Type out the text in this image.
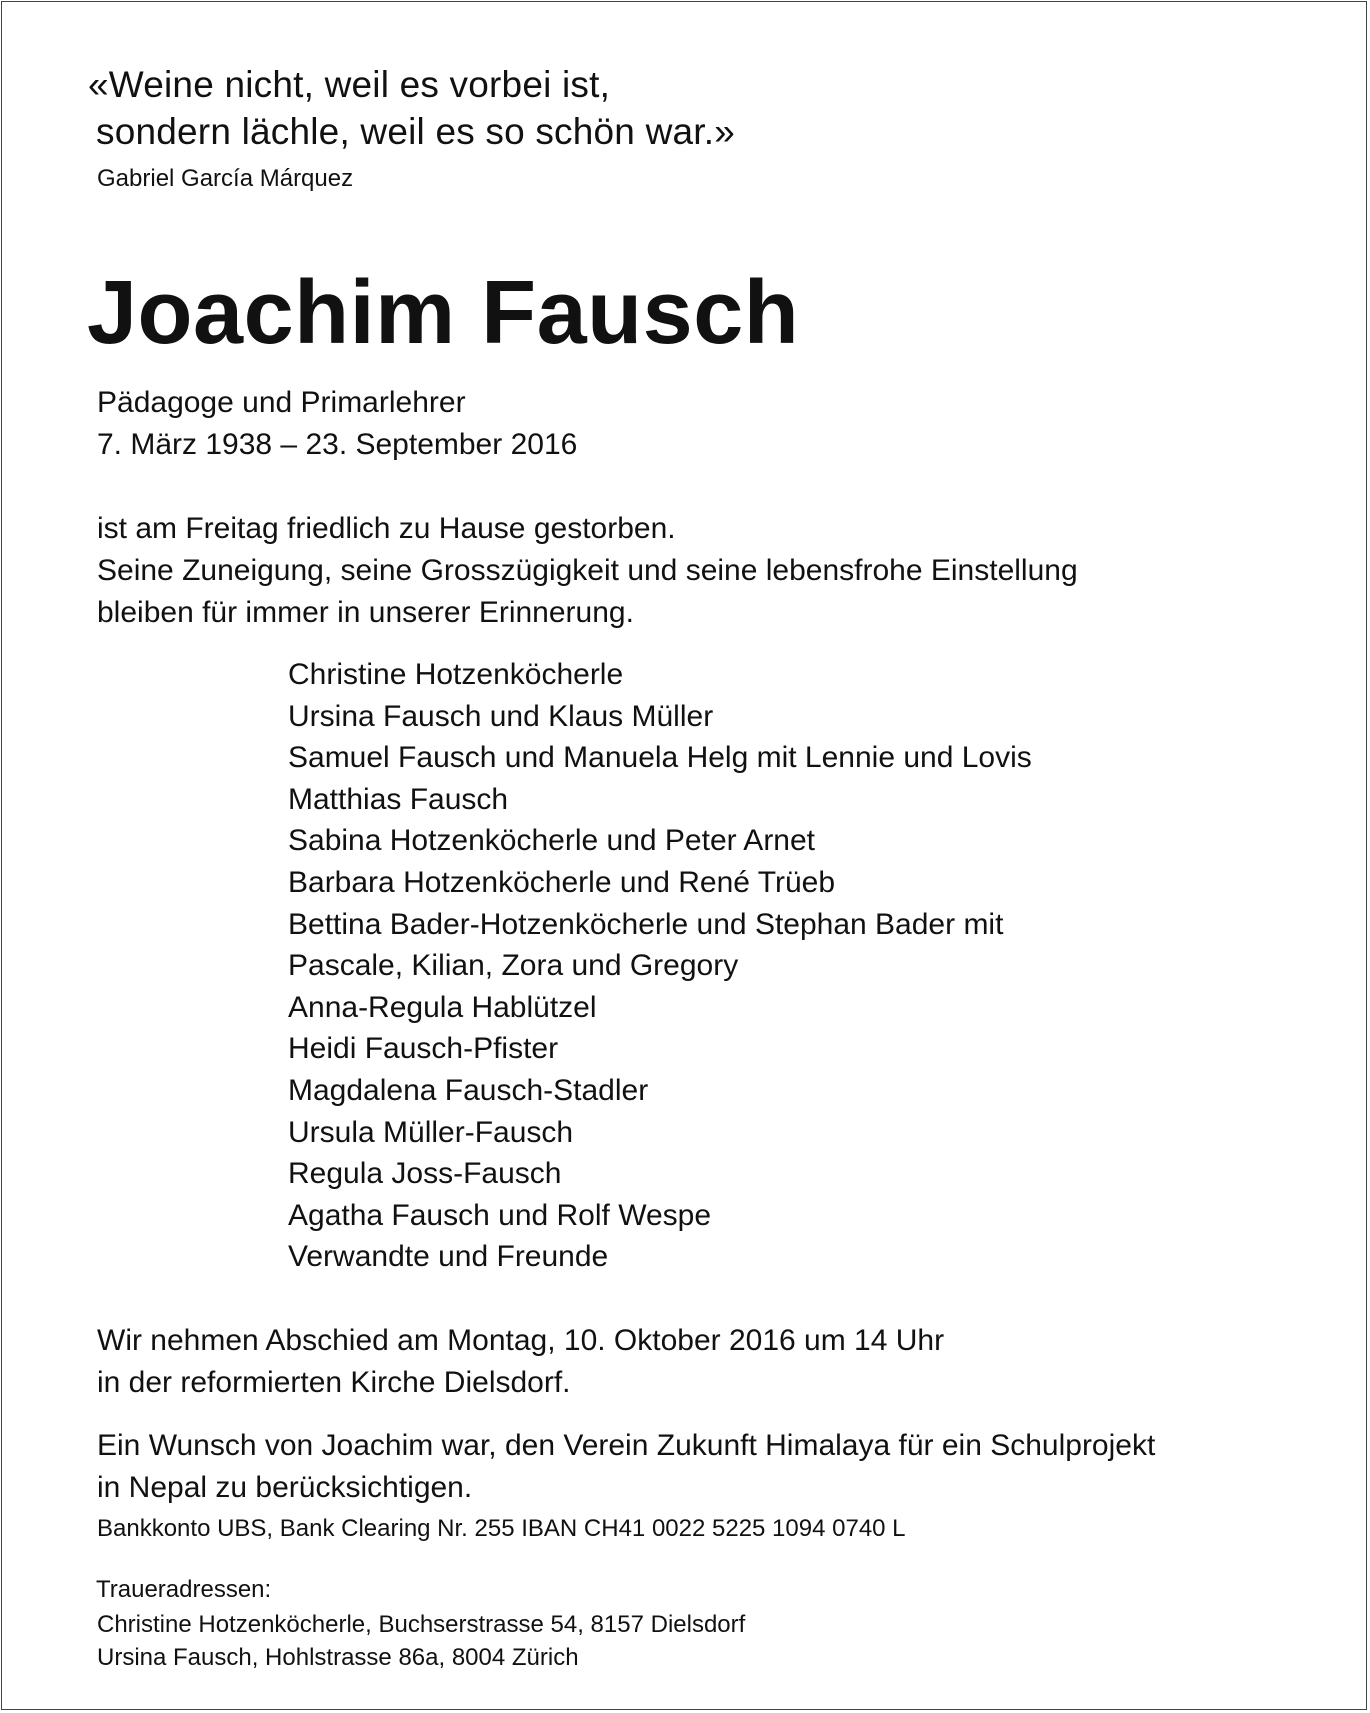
«Weine nicht, weil es vorbei ist,
sondern lächle, weil es so schön war.»
Gabriel García Márquez
Joachim Fausch
Pädagoge und Primarlehrer
7. März 1938 – 23. September 2016
ist am Freitag friedlich zu Hause gestorben.
Seine Zuneigung, seine Grosszügigkeit und seine lebensfrohe Einstellung
bleiben für immer in unserer Erinnerung.
Christine Hotzenköcherle
Ursina Fausch und Klaus Müller
Samuel Fausch und Manuela Helg mit Lennie und Lovis
Matthias Fausch
Sabina Hotzenköcherle und Peter Arnet
Barbara Hotzenköcherle und René Trüeb
Bettina Bader-Hotzenköcherle und Stephan Bader mit
Pascale, Kilian, Zora und Gregory
Anna-Regula Hablützel
Heidi Fausch-Pfister
Magdalena Fausch-Stadler
Ursula Müller-Fausch
Regula Joss-Fausch
Agatha Fausch und Rolf Wespe
Verwandte und Freunde
Wir nehmen Abschied am Montag, 10. Oktober 2016 um 14 Uhr
in der reformierten Kirche Dielsdorf.
Ein Wunsch von Joachim war, den Verein Zukunft Himalaya für ein Schulprojekt
in Nepal zu berücksichtigen.
Bankkonto UBS, Bank Clearing Nr. 255 IBAN CH41 0022 5225 1094 0740 L
Traueradressen:
Christine Hotzenköcherle, Buchserstrasse 54, 8157 Dielsdorf
Ursina Fausch, Hohlstrasse 86a, 8004 Zürich
